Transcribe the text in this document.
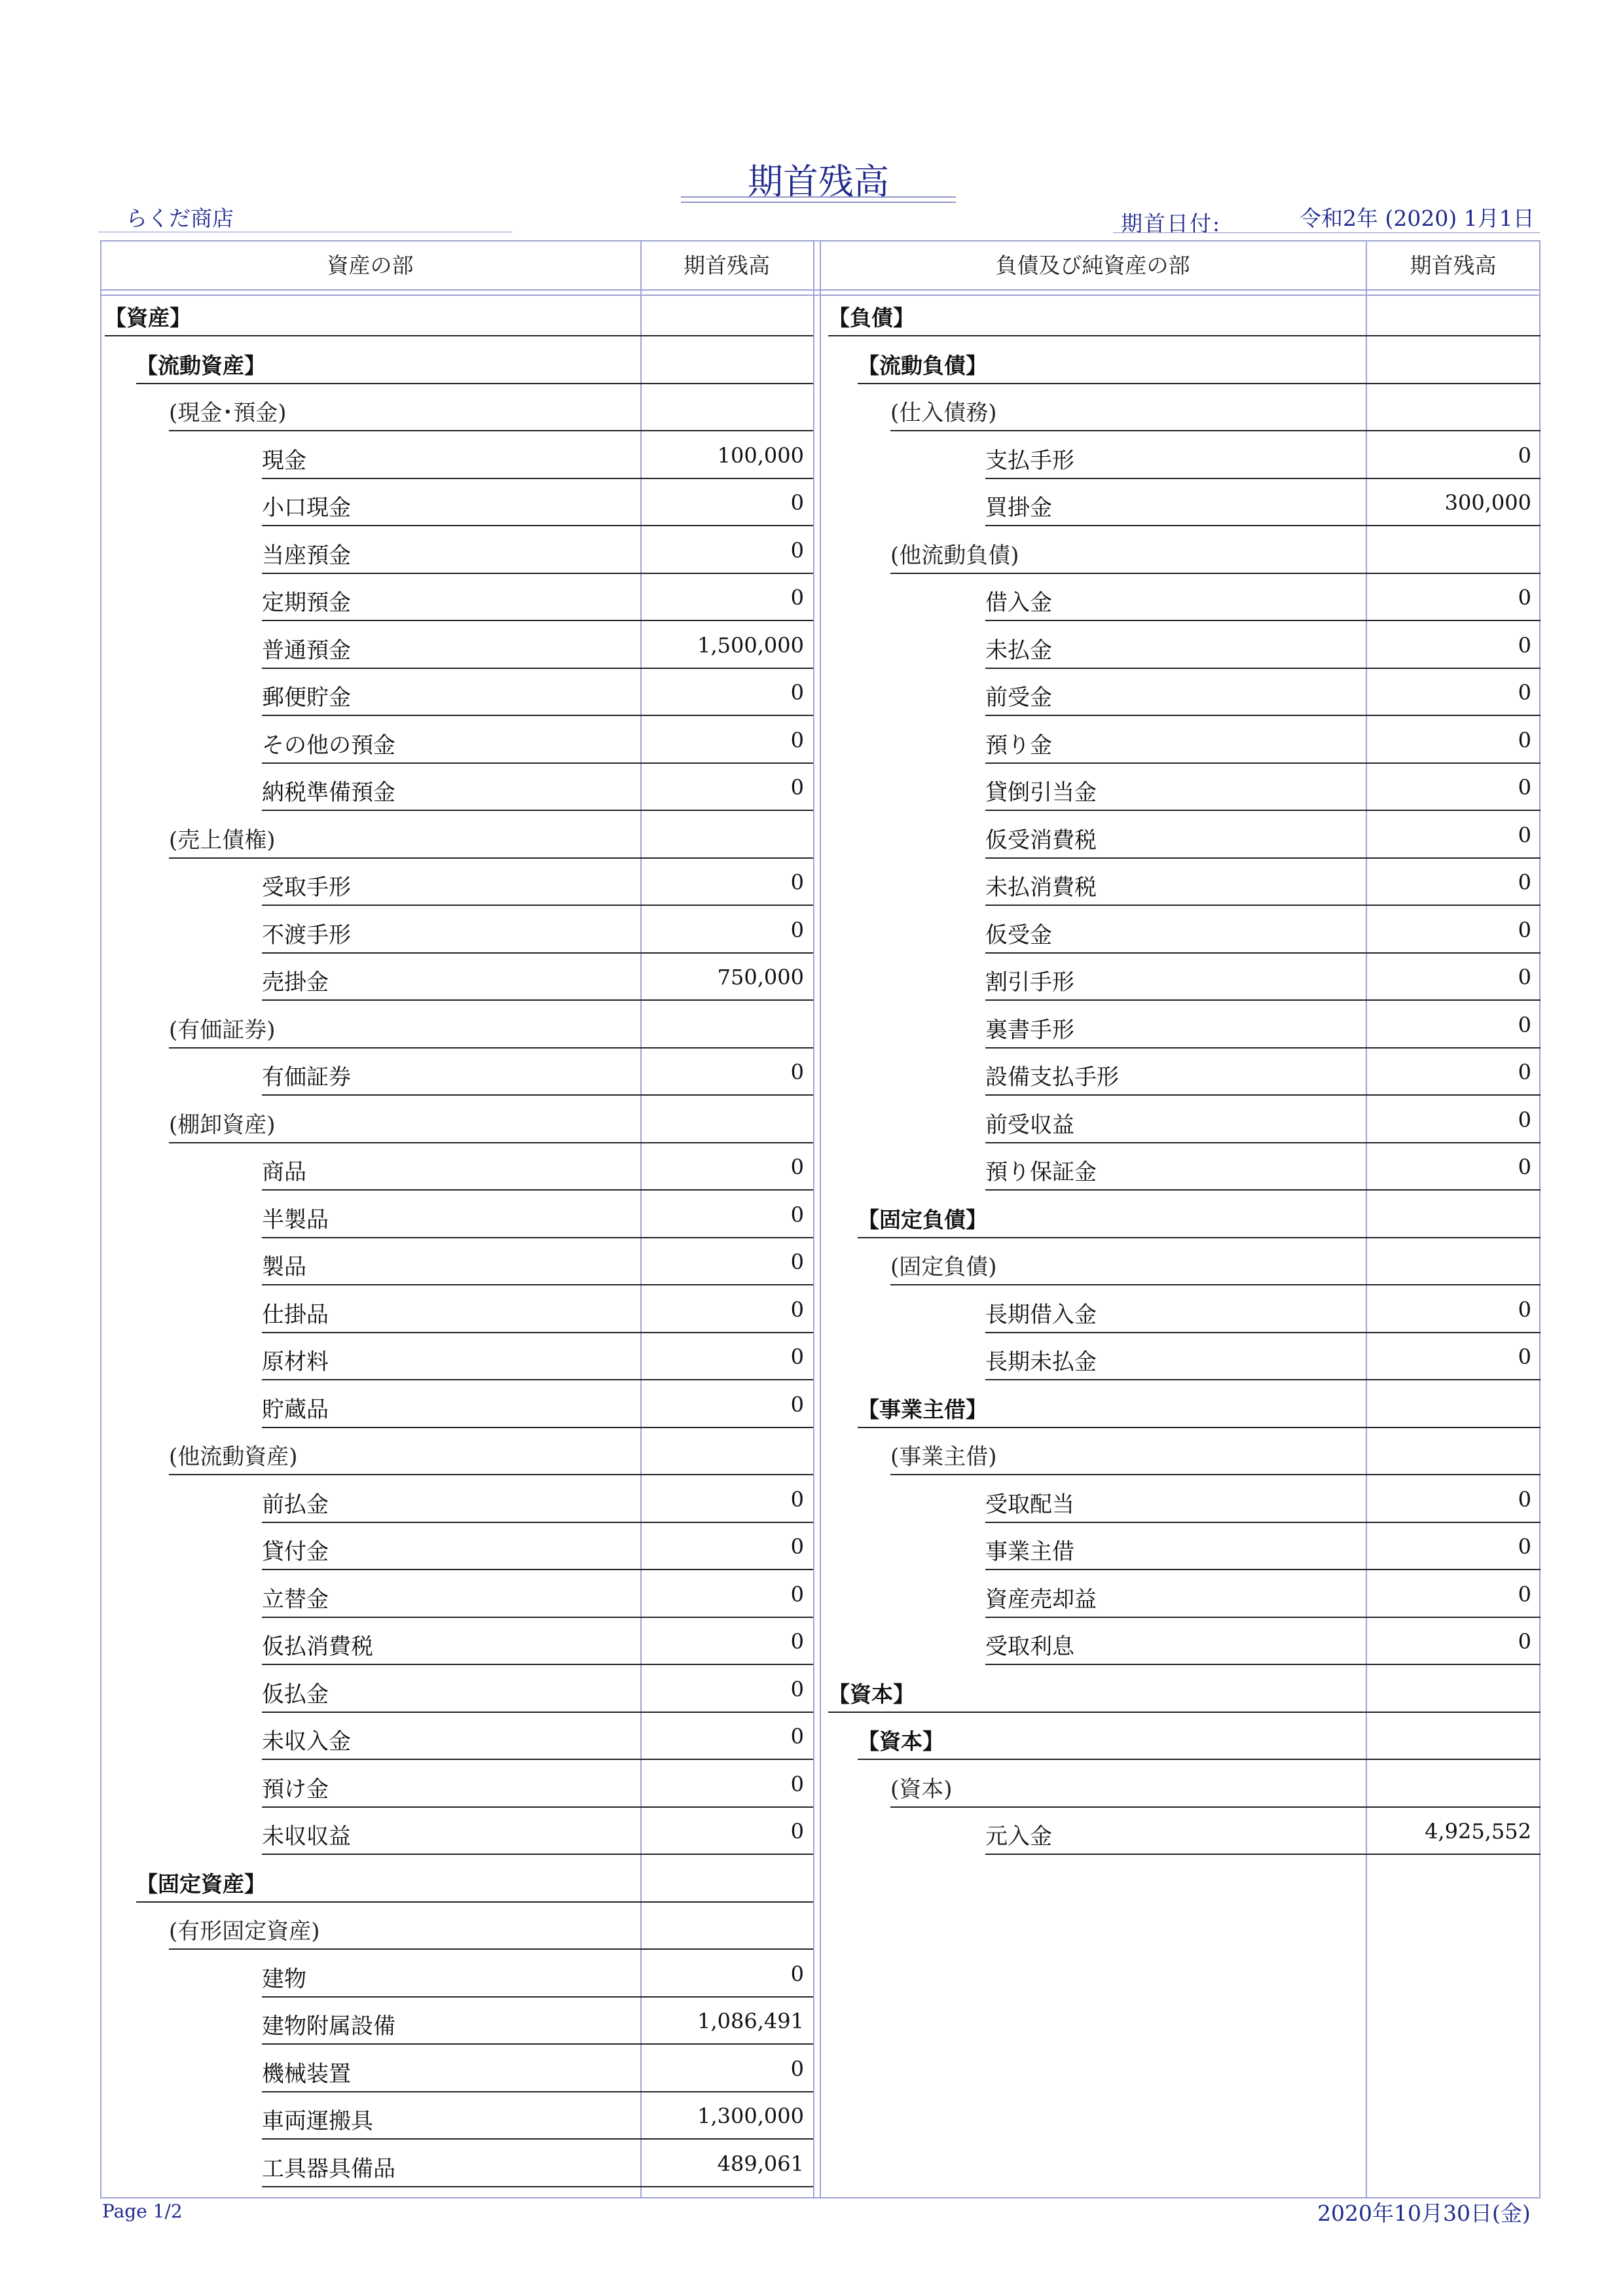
期首残高
らくだ商店	期首日付:	令和2年 (2020) 1月1日
資産の部	期首残高	負債及び純資産の部	期首残高
【資産】
【流動資産】
(現金･預金)
現金	100,000
小口現金	0
当座預金	0
定期預金	0
普通預金	1,500,000
郵便貯金	0
その他の預金	0
納税準備預金	0
(売上債権)
受取手形	0
不渡手形	0
売掛金	750,000
(有価証券)
有価証券	0
(棚卸資産)
商品	0
半製品	0
製品	0
仕掛品	0
原材料	0
貯蔵品	0
(他流動資産)
前払金	0
貸付金	0
立替金	0
仮払消費税	0
仮払金	0
未収入金	0
預け金	0
未収収益	0
【固定資産】
(有形固定資産)
建物	0
建物附属設備	1,086,491
機械装置	0
車両運搬具	1,300,000
工具器具備品	489,061
【負債】
【流動負債】
(仕入債務)
支払手形	0
買掛金	300,000
(他流動負債)
借入金	0
未払金	0
前受金	0
預り金	0
貸倒引当金	0
仮受消費税	0
未払消費税	0
仮受金	0
割引手形	0
裏書手形	0
設備支払手形	0
前受収益	0
預り保証金	0
【固定負債】
(固定負債)
長期借入金	0
長期未払金	0
【事業主借】
(事業主借)
受取配当	0
事業主借	0
資産売却益	0
受取利息	0
【資本】
【資本】
(資本)
元入金	4,925,552
Page 1/2	2020年10月30日(金)
